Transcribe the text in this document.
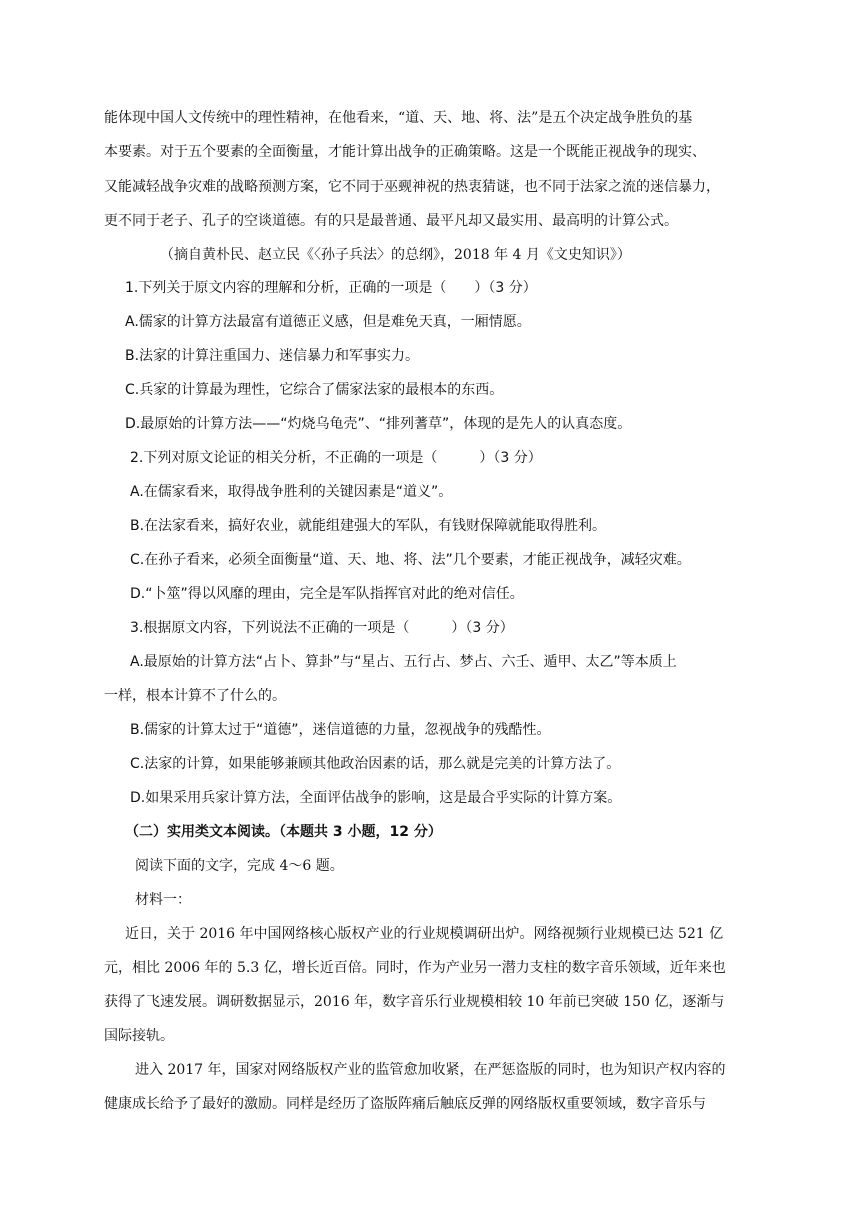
能体现中国人文传统中的理性精神，在他看来，“道、天、地、将、法”是五个决定战争胜负的基
本要素。对于五个要素的全面衡量，才能计算出战争的正确策略。这是一个既能正视战争的现实、
又能减轻战争灾难的战略预测方案，它不同于巫觋神祝的热衷猜谜，也不同于法家之流的迷信暴力，
更不同于老子、孔子的空谈道德。有的只是最普通、最平凡却又最实用、最高明的计算公式。
（摘自黄朴民、赵立民《〈孙子兵法〉的总纲》，2018 年 4 月《文史知识》）
1.下列关于原文内容的理解和分析，正确的一项是（　　）（3 分）
A.儒家的计算方法最富有道德正义感，但是难免天真，一厢情愿。
B.法家的计算注重国力、迷信暴力和军事实力。
C.兵家的计算最为理性，它综合了儒家法家的最根本的东西。
D.最原始的计算方法——“灼烧乌龟壳”、“排列蓍草”，体现的是先人的认真态度。
2.下列对原文论证的相关分析，不正确的一项是（　　　）（3 分）
A.在儒家看来，取得战争胜利的关键因素是“道义”。
B.在法家看来，搞好农业，就能组建强大的军队，有钱财保障就能取得胜利。
C.在孙子看来，必须全面衡量“道、天、地、将、法”几个要素，才能正视战争，减轻灾难。
D.“卜筮”得以风靡的理由，完全是军队指挥官对此的绝对信任。
3.根据原文内容，下列说法不正确的一项是（　　　）（3 分）
A.最原始的计算方法“占卜、算卦”与“星占、五行占、梦占、六壬、遁甲、太乙”等本质上
一样，根本计算不了什么的。
B.儒家的计算太过于“道德”，迷信道德的力量，忽视战争的残酷性。
C.法家的计算，如果能够兼顾其他政治因素的话，那么就是完美的计算方法了。
D.如果采用兵家计算方法，全面评估战争的影响，这是最合乎实际的计算方案。
（二）实用类文本阅读。（本题共 3 小题，12 分）
阅读下面的文字，完成 4～6 题。
材料一：
近日，关于 2016 年中国网络核心版权产业的行业规模调研出炉。网络视频行业规模已达 521 亿
元，相比 2006 年的 5.3 亿，增长近百倍。同时，作为产业另一潜力支柱的数字音乐领域，近年来也
获得了飞速发展。调研数据显示，2016 年，数字音乐行业规模相较 10 年前已突破 150 亿，逐渐与
国际接轨。
进入 2017 年，国家对网络版权产业的监管愈加收紧，在严惩盗版的同时，也为知识产权内容的
健康成长给予了最好的激励。同样是经历了盗版阵痛后触底反弹的网络版权重要领域，数字音乐与
